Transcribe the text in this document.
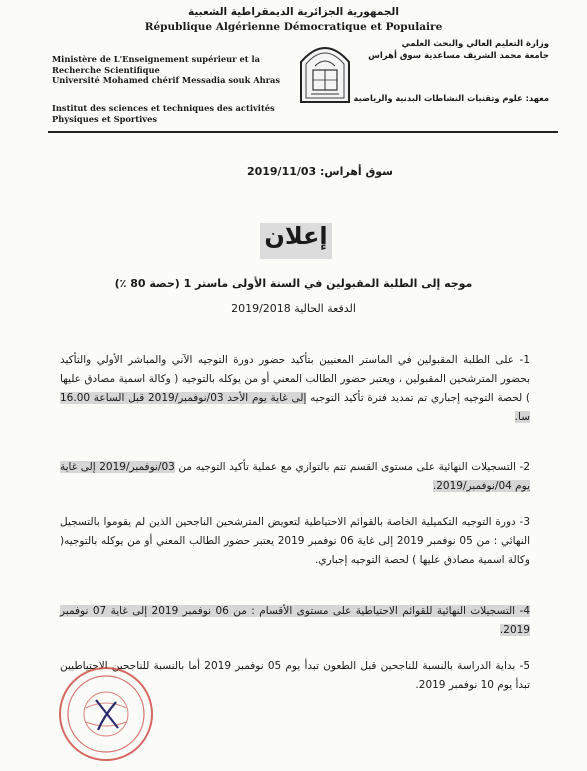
الجمهورية الجزائرية الديمقراطية الشعبية
République Algérienne Démocratique et Populaire
Ministère de L'Enseignement supérieur et la
Recherche Scientifique
Université Mohamed chérif Messadia souk Ahras
Institut des sciences et techniques des activités
Physiques et Sportives
وزارة التعليم العالي والبحث العلمي
جامعة محمد الشريف مساعدية سوق أهراس
معهد: علوم وتقنيات النشاطات البدنية والرياضية
سوق أهراس: 2019/11/03
إعلان
موجه إلى الطلبة المقبولين في السنة الأولى ماستر 1 (حصة 80 ٪)
الدفعة الحالية 2019/2018
1- على الطلبة المقبولين في الماستر المعنيين بتأكيد حضور دورة التوجيه الآني والمباشر الأولي والتأكيد بحضور المترشحين المقبولين ، ويعتبر حضور الطالب المعني أو من يوكله بالتوجيه ( وكالة اسمية مصادق عليها ) لحصة التوجيه إجباري تم تمديد فترة تأكيد التوجيه إلى غاية يوم الأحد 03/نوفمبر/2019 قبل الساعة 16.00 سا.
2- التسجيلات النهائية على مستوى القسم تتم بالتوازي مع عملية تأكيد التوجيه من 03/نوفمبر/2019 إلى غاية يوم 04/نوفمبر/2019.
3- دورة التوجيه التكميلية الخاصة بالقوائم الاحتياطية لتعويض المترشحين الناجحين الذين لم يقوموا بالتسجيل النهائي : من 05 نوفمبر 2019 إلى غاية 06 نوفمبر 2019 يعتبر حضور الطالب المعني أو من يوكله بالتوجيه( وكالة اسمية مصادق عليها ) لحصة التوجيه إجباري.
4- التسجيلات النهائية للقوائم الاحتياطية على مستوى الأقسام : من 06 نوفمبر 2019 إلى غاية 07 نوفمبر 2019.
5- بداية الدراسة بالنسبة للناجحين قبل الطعون تبدأ يوم 05 نوفمبر 2019 أما بالنسبة للناجحين الاحتياطيين تبدأ يوم 10 نوفمبر 2019.
